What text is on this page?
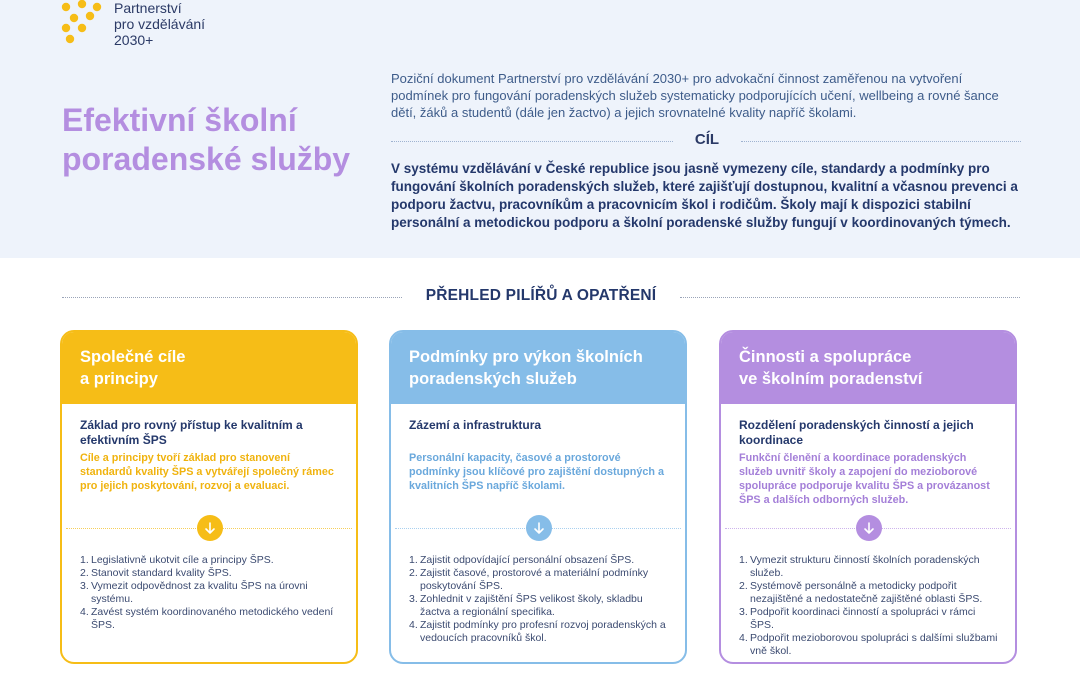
Partnerství
pro vzdělávání
2030+
Efektivní školní
poradenské služby

Poziční dokument Partnerství pro vzdělávání 2030+ pro advokační činnost zaměřenou na vytvoření podmínek pro fungování poradenských služeb systematicky podporujících učení, wellbeing a rovné šance dětí, žáků a studentů (dále jen žactvo) a jejich srovnatelné kvality napříč školami.

CÍL

V systému vzdělávání v České republice jsou jasně vymezeny cíle, standardy a podmínky pro fungování školních poradenských služeb, které zajišťují dostupnou, kvalitní a včasnou prevenci a podporu žactvu, pracovníkům a pracovnicím škol i rodičům. Školy mají k dispozici stabilní personální a metodickou podporu a školní poradenské služby fungují v koordinovaných týmech.

PŘEHLED PILÍŘŮ A OPATŘENÍ
Společné cíle
a principy
Základ pro rovný přístup ke kvalitním a efektivním ŠPS
Cíle a principy tvoří základ pro stanovení standardů kvality ŠPS a vytvářejí společný rámec pro jejich poskytování, rozvoj a evaluaci.
1. Legislativně ukotvit cíle a principy ŠPS.
2. Stanovit standard kvality ŠPS.
3. Vymezit odpovědnost za kvalitu ŠPS na úrovni systému.
4. Zavést systém koordinovaného metodického vedení ŠPS.
Podmínky pro výkon školních
poradenských služeb
Zázemí a infrastruktura
Personální kapacity, časové a prostorové podmínky jsou klíčové pro zajištění dostupných a kvalitních ŠPS napříč školami.
1. Zajistit odpovídající personální obsazení ŠPS.
2. Zajistit časové, prostorové a materiální podmínky poskytování ŠPS.
3. Zohlednit v zajištění ŠPS velikost školy, skladbu žactva a regionální specifika.
4. Zajistit podmínky pro profesní rozvoj poradenských a vedoucích pracovníků škol.
Činnosti a spolupráce
ve školním poradenství
Rozdělení poradenských činností a jejich koordinace
Funkční členění a koordinace poradenských služeb uvnitř školy a zapojení do mezioborové spolupráce podporuje kvalitu ŠPS a provázanost ŠPS a dalších odborných služeb.
1. Vymezit strukturu činností školních poradenských služeb.
2. Systémově personálně a metodicky podpořit nezajištěné a nedostatečně zajištěné oblasti ŠPS.
3. Podpořit koordinaci činností a spolupráci v rámci ŠPS.
4. Podpořit mezioborovou spolupráci s dalšími službami vně škol.
